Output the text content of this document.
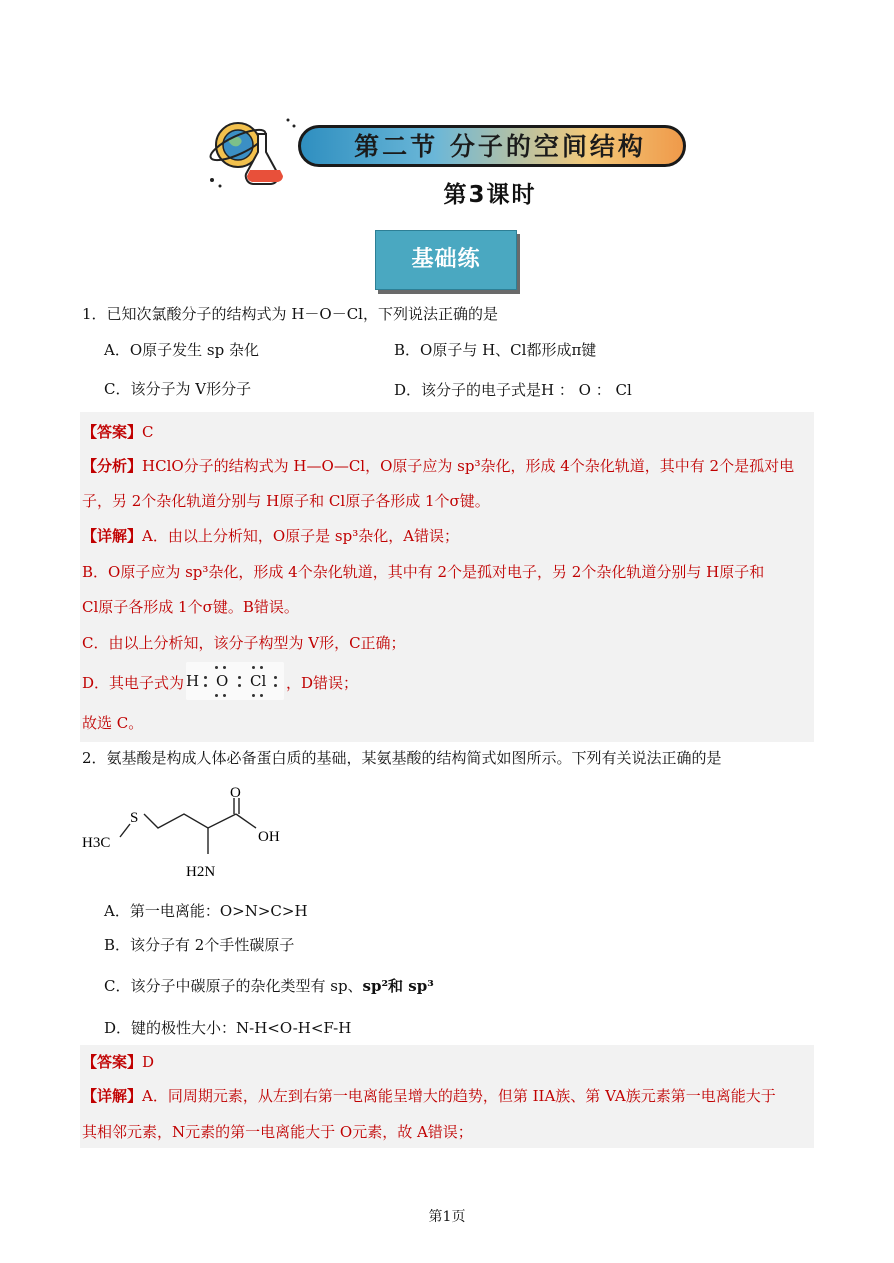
第二节 分子的空间结构
第3课时
基础练
1．已知次氯酸分子的结构式为 H－O－Cl，下列说法正确的是
A．O原子发生 sp 杂化	B．O原子与 H、Cl都形成π键
C．该分子为 V形分子	D．该分子的电子式是H ： O ： Cl
【答案】C
【分析】HClO分子的结构式为 H—O—Cl，O原子应为 sp³杂化，形成 4个杂化轨道，其中有 2个是孤对电
子，另 2个杂化轨道分别与 H原子和 Cl原子各形成 1个σ键。
【详解】A．由以上分析知，O原子是 sp³杂化，A错误；
B．O原子应为 sp³杂化，形成 4个杂化轨道，其中有 2个是孤对电子，另 2个杂化轨道分别与 H原子和
Cl原子各形成 1个σ键。B错误。
C．由以上分析知，该分子构型为 V形，C正确；
D．其电子式为 H O Cl ，D错误；
故选 C。
2．氨基酸是构成人体必备蛋白质的基础，某氨基酸的结构简式如图所示。下列有关说法正确的是
O
OH
S
H3C
H2N
A．第一电离能：O>N>C>H
B．该分子有 2个手性碳原子
C．该分子中碳原子的杂化类型有 sp、sp²和 sp³
D．键的极性大小：N-H<O-H<F-H
【答案】D
【详解】A．同周期元素，从左到右第一电离能呈增大的趋势，但第 IIA族、第 VA族元素第一电离能大于
其相邻元素，N元素的第一电离能大于 O元素，故 A错误；
第1页
